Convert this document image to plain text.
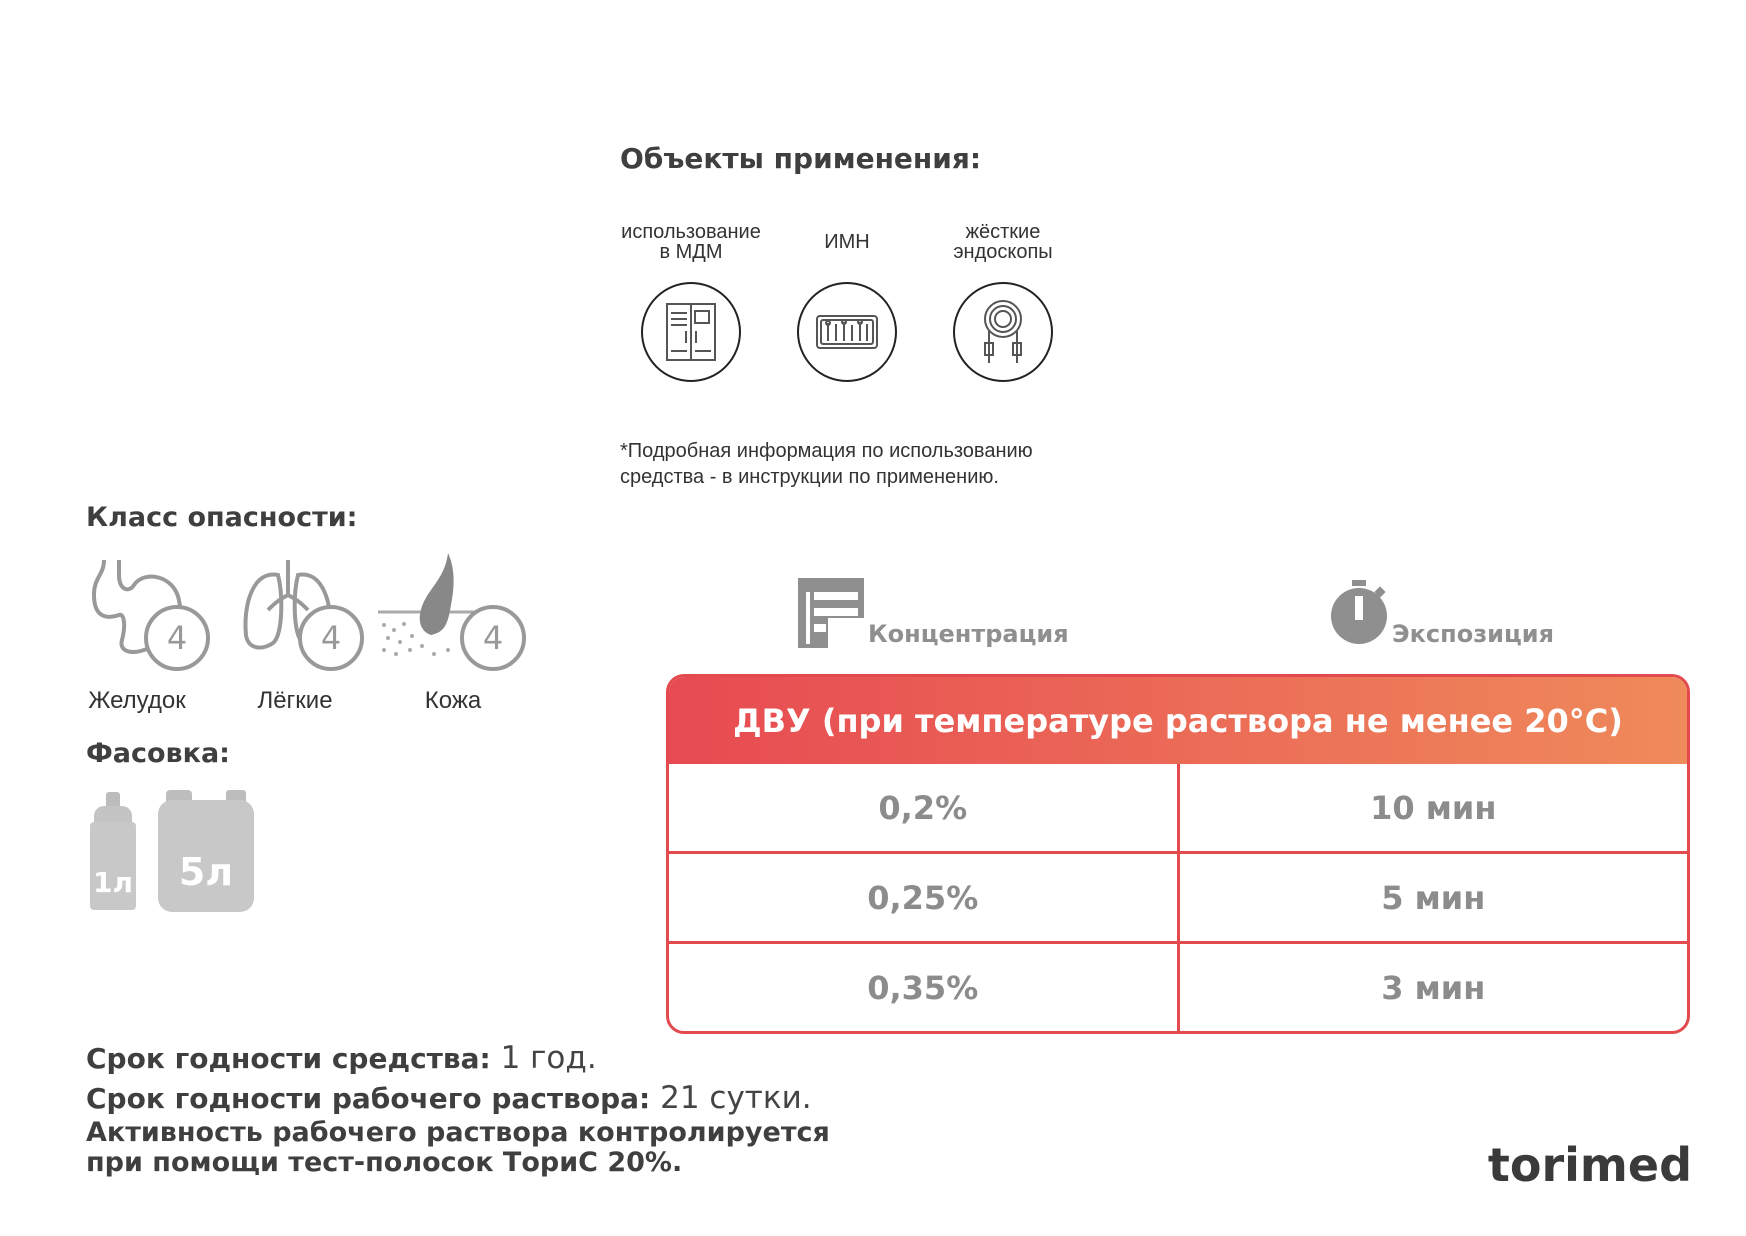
Объекты применения:
использование
в МДМ	ИМН	жёсткие
эндоскопы
*Подробная информация по использованию
средства - в инструкции по применению.
Класс опасности:
4
Желудок
4
Лёгкие
4
Кожа
Фасовка:
1л	5л
Концентрация	Экспозиция
ДВУ (при температуре раствора не менее 20°С)
0,2%	10 мин
0,25%	5 мин
0,35%	3 мин
Срок годности средства: 1 год.
Срок годности рабочего раствора: 21 сутки.
Активность рабочего раствора контролируется
при помощи тест-полосок ТориС 20%.	torimed
